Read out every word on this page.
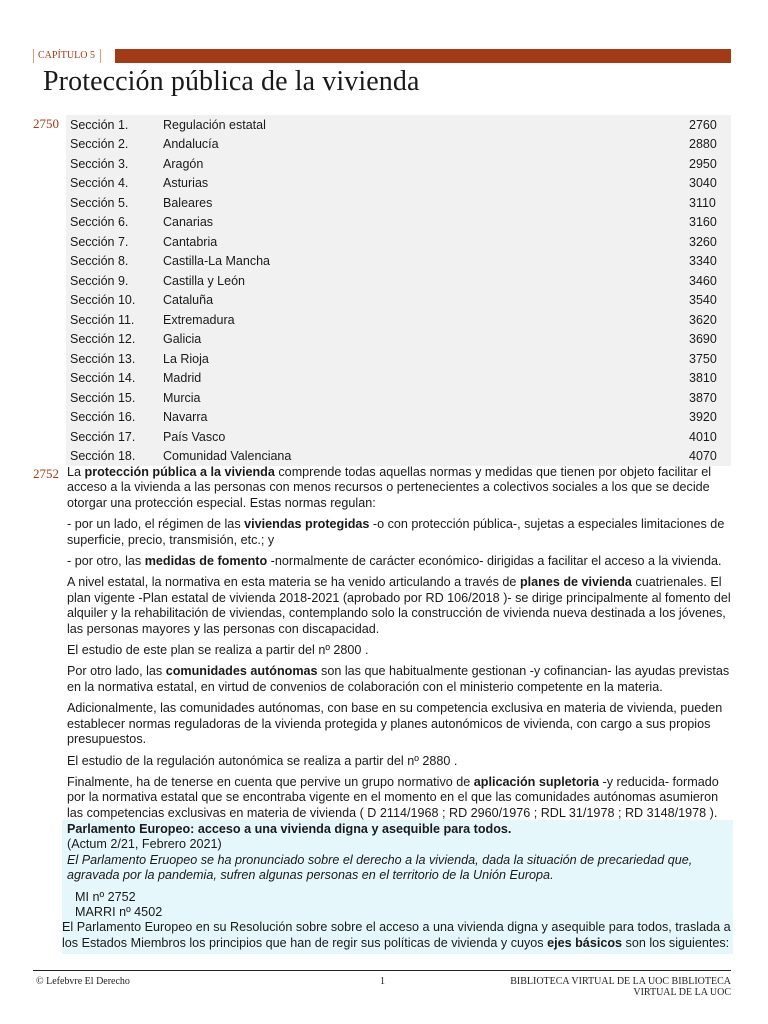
CAPÍTULO 5
Protección pública de la vivienda
2750 Sección 1.	Regulación estatal	2760
Sección 2.	Andalucía	2880
Sección 3.	Aragón	2950
Sección 4.	Asturias	3040
Sección 5.	Baleares	3110
Sección 6.	Canarias	3160
Sección 7.	Cantabria	3260
Sección 8.	Castilla-La Mancha	3340
Sección 9.	Castilla y León	3460
Sección 10.	Cataluña	3540
Sección 11.	Extremadura	3620
Sección 12.	Galicia	3690
Sección 13.	La Rioja	3750
Sección 14.	Madrid	3810
Sección 15.	Murcia	3870
Sección 16.	Navarra	3920
Sección 17.	País Vasco	4010
Sección 18.	Comunidad Valenciana	4070
2752 La protección pública a la vivienda comprende todas aquellas normas y medidas que tienen por objeto facilitar el acceso a la vivienda a las personas con menos recursos o pertenecientes a colectivos sociales a los que se decide otorgar una protección especial. Estas normas regulan:

- por un lado, el régimen de las viviendas protegidas -o con protección pública-, sujetas a especiales limitaciones de superficie, precio, transmisión, etc.; y

- por otro, las medidas de fomento -normalmente de carácter económico- dirigidas a facilitar el acceso a la vivienda.

A nivel estatal, la normativa en esta materia se ha venido articulando a través de planes de vivienda cuatrienales. El plan vigente -Plan estatal de vivienda 2018-2021 (aprobado por RD 106/2018 )- se dirige principalmente al fomento del alquiler y la rehabilitación de viviendas, contemplando solo la construcción de vivienda nueva destinada a los jóvenes, las personas mayores y las personas con discapacidad.

El estudio de este plan se realiza a partir del nº 2800 .

Por otro lado, las comunidades autónomas son las que habitualmente gestionan -y cofinancian- las ayudas previstas en la normativa estatal, en virtud de convenios de colaboración con el ministerio competente en la materia.

Adicionalmente, las comunidades autónomas, con base en su competencia exclusiva en materia de vivienda, pueden establecer normas reguladoras de la vivienda protegida y planes autonómicos de vivienda, con cargo a sus propios presupuestos.

El estudio de la regulación autonómica se realiza a partir del nº 2880 .

Finalmente, ha de tenerse en cuenta que pervive un grupo normativo de aplicación supletoria -y reducida- formado por la normativa estatal que se encontraba vigente en el momento en el que las comunidades autónomas asumieron las competencias exclusivas en materia de vivienda ( D 2114/1968 ; RD 2960/1976 ; RDL 31/1978 ; RD 3148/1978 ).

Parlamento Europeo: acceso a una vivienda digna y asequible para todos.
(Actum 2/21, Febrero 2021)
El Parlamento Eruopeo se ha pronunciado sobre el derecho a la vivienda, dada la situación de precariedad que, agravada por la pandemia, sufren algunas personas en el territorio de la Unión Europa.
MI nº 2752
MARRI nº 4502
El Parlamento Europeo en su Resolución sobre sobre el acceso a una vivienda digna y asequible para todos, traslada a los Estados Miembros los principios que han de regir sus políticas de vivienda y cuyos ejes básicos son los siguientes:
© Lefebvre El Derecho	1	BIBLIOTECA VIRTUAL DE LA UOC BIBLIOTECA
VIRTUAL DE LA UOC
